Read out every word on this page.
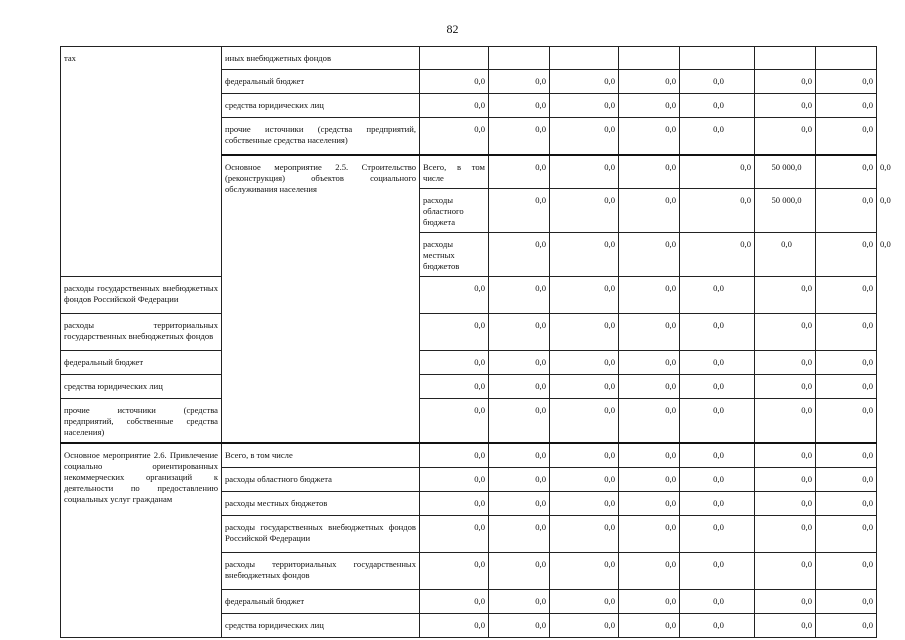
82
тах	иных внебюджетных фондов								
	федеральный бюджет	0,0	0,0	0,0	0,0	0,0	0,0	0,0	
	средства юридических лиц	0,0	0,0	0,0	0,0	0,0	0,0	0,0	
	прочие источники (средства предприятий, собственные средства населения)	0,0	0,0	0,0	0,0	0,0	0,0	0,0	
	Основное мероприятие 2.5. Строительство (реконструкция) объектов социального обслуживания населения	Всего, в том числе	0,0	0,0	0,0	0,0	50 000,0	0,0	0,0
		расходы областного бюджета	0,0	0,0	0,0	0,0	50 000,0	0,0	0,0
		расходы местных бюджетов	0,0	0,0	0,0	0,0	0,0	0,0	0,0
расходы государственных внебюджетных фондов Российской Федерации		0,0	0,0	0,0	0,0	0,0	0,0	0,0	
расходы территориальных государственных внебюджетных фондов		0,0	0,0	0,0	0,0	0,0	0,0	0,0	
федеральный бюджет		0,0	0,0	0,0	0,0	0,0	0,0	0,0	
средства юридических лиц		0,0	0,0	0,0	0,0	0,0	0,0	0,0	
прочие источники (средства предприятий, собственные средства населения)		0,0	0,0	0,0	0,0	0,0	0,0	0,0	
Основное мероприятие 2.6. Привлечение социально ориентированных некоммерческих организаций к деятельности по предоставлению социальных услуг гражданам	Всего, в том числе	0,0	0,0	0,0	0,0	0,0	0,0	0,0	
	расходы областного бюджета	0,0	0,0	0,0	0,0	0,0	0,0	0,0	
	расходы местных бюджетов	0,0	0,0	0,0	0,0	0,0	0,0	0,0	
	расходы государственных внебюджетных фондов Российской Федерации	0,0	0,0	0,0	0,0	0,0	0,0	0,0	
	расходы территориальных государственных внебюджетных фондов	0,0	0,0	0,0	0,0	0,0	0,0	0,0	
	федеральный бюджет	0,0	0,0	0,0	0,0	0,0	0,0	0,0	
	средства юридических лиц	0,0	0,0	0,0	0,0	0,0	0,0	0,0	
